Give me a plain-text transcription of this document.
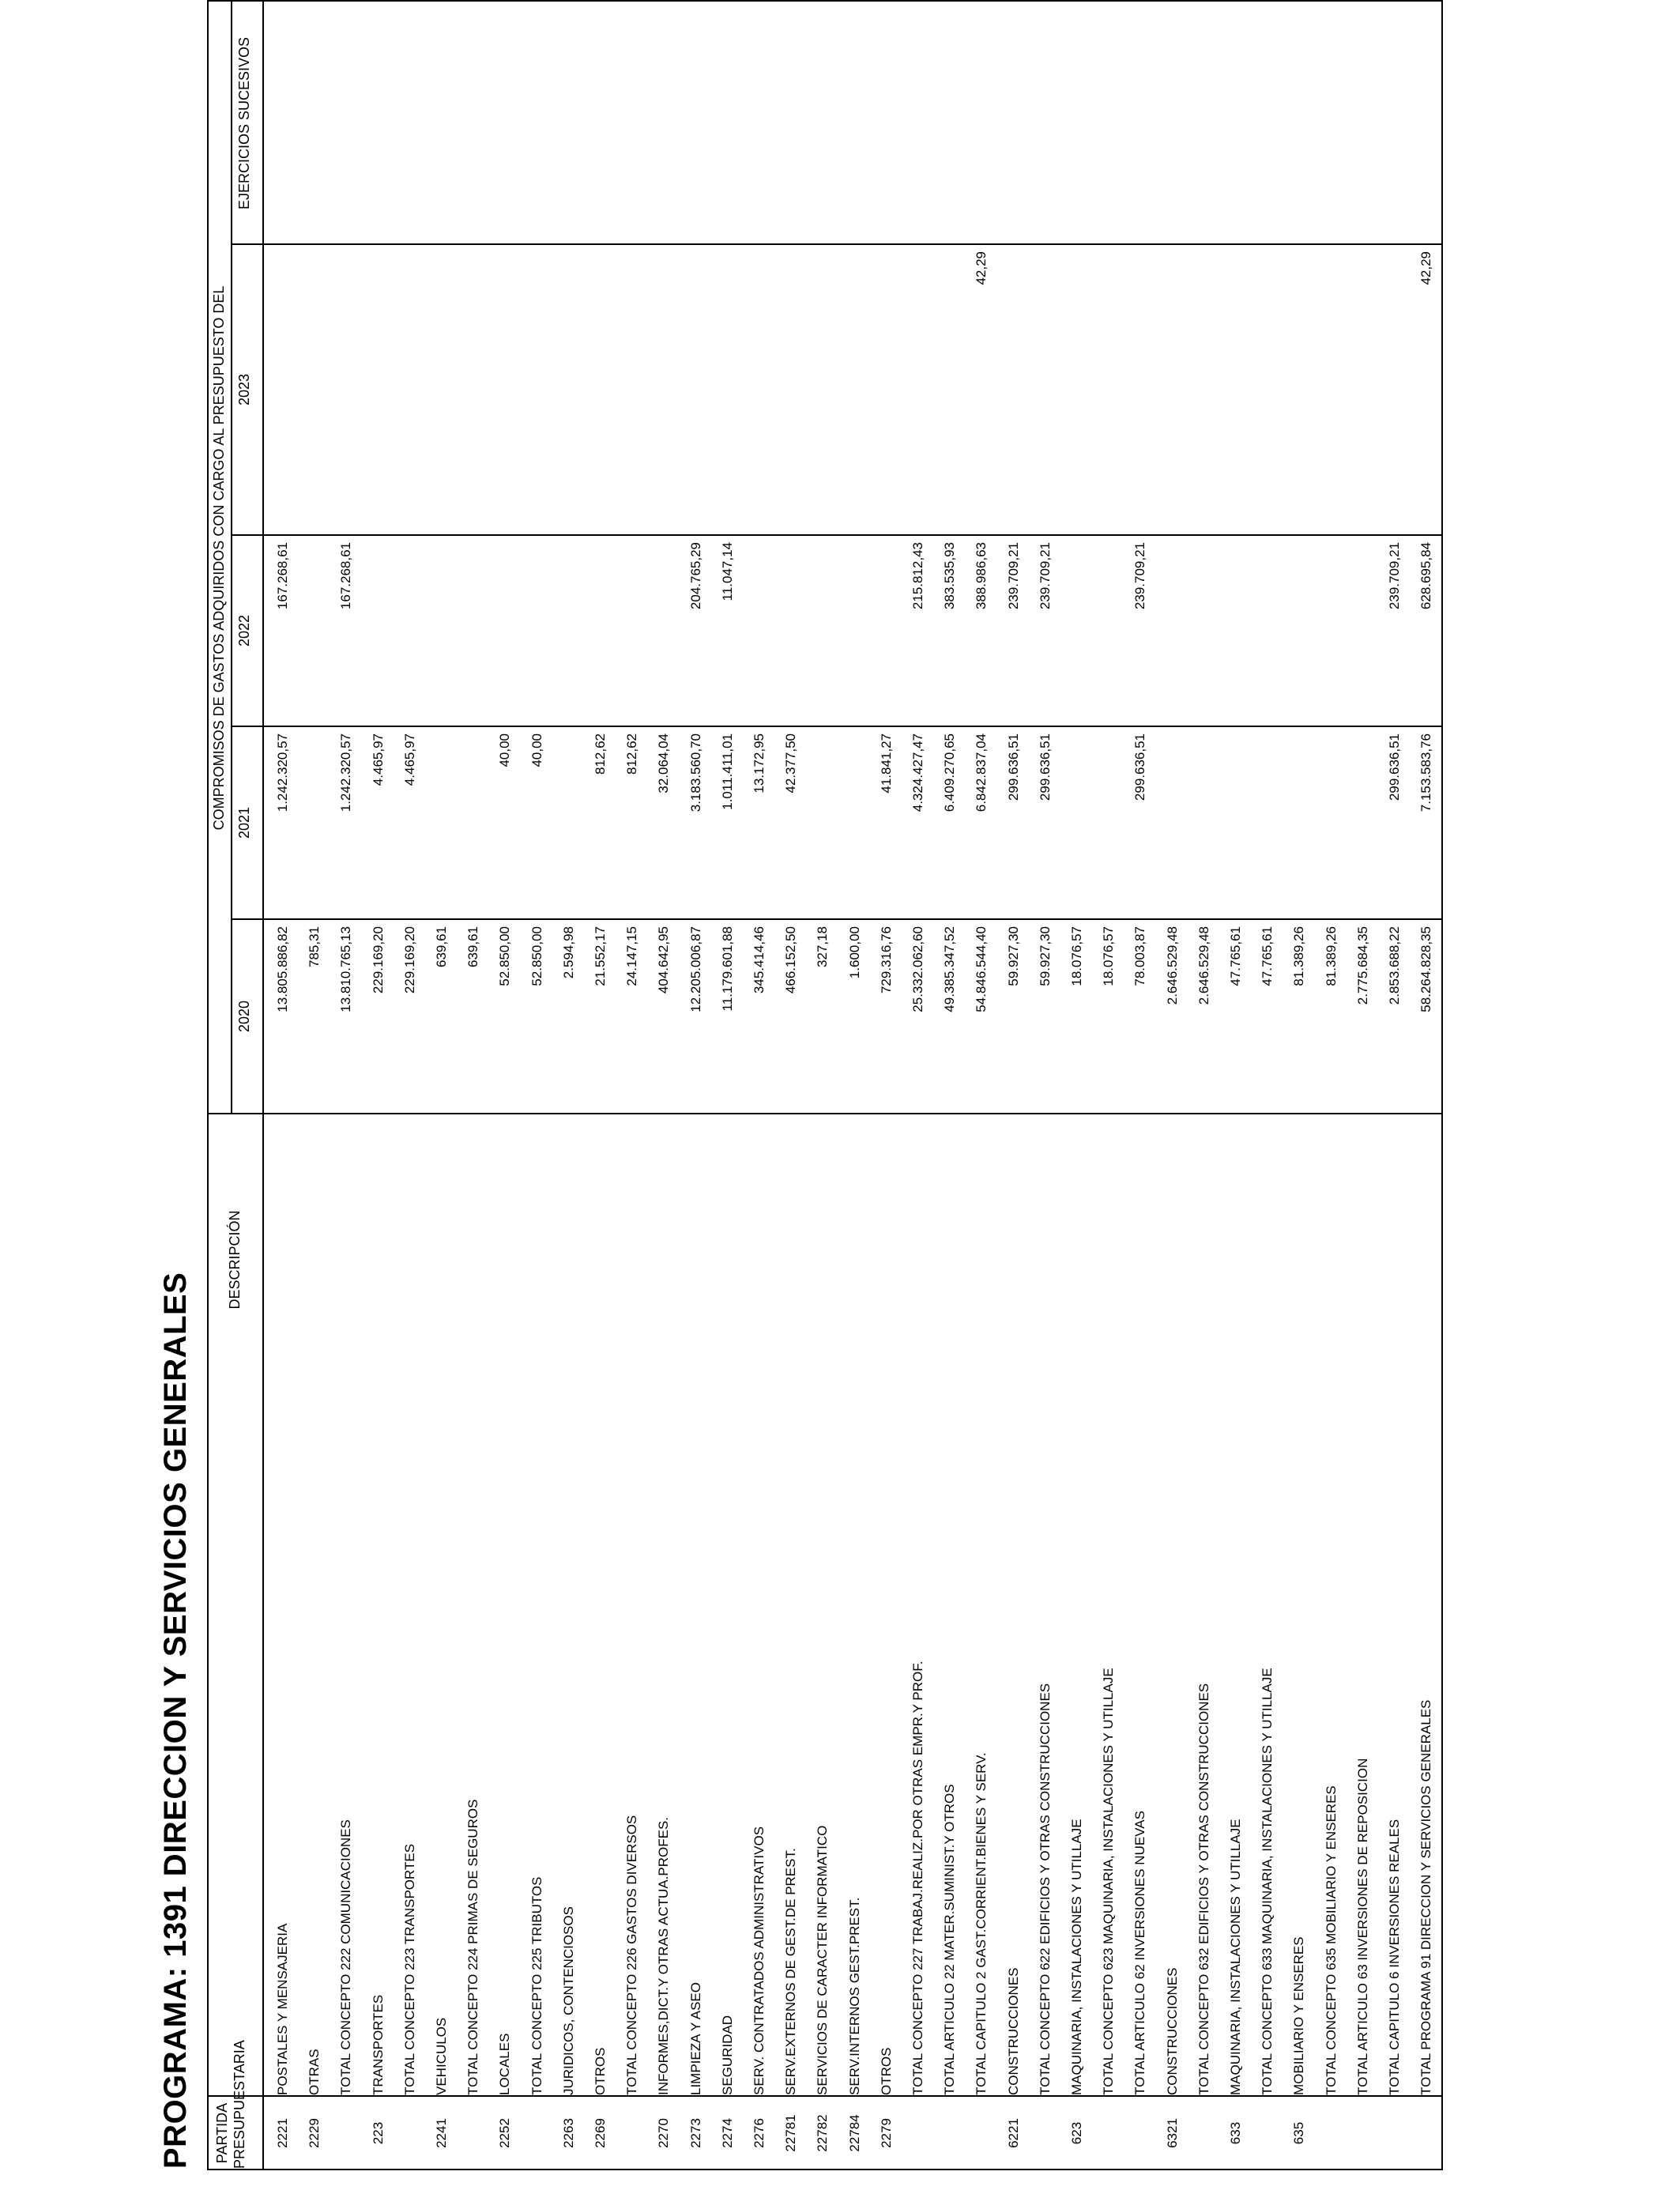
PROGRAMA: 1391 DIRECCION Y SERVICIOS GENERALES PARTIDA
PRESUPUESTARIA
DESCRIPCIÓN
COMPROMISOS DE GASTOS ADQUIRIDOS CON CARGO AL PRESUPUESTO DEL
2020
2021
2022
2023
EJERCICIOS SUCESIVOS
2221
POSTALES Y MENSAJERIA
13.805.886,82
1.242.320,57
167.268,61
2229
OTRAS
785,31
TOTAL CONCEPTO 222 COMUNICACIONES
13.810.765,13
1.242.320,57
167.268,61
223
TRANSPORTES
229.169,20
4.465,97
TOTAL CONCEPTO 223 TRANSPORTES
229.169,20
4.465,97
2241
VEHICULOS
639,61
TOTAL CONCEPTO 224 PRIMAS DE SEGUROS
639,61
2252
LOCALES
52.850,00
40,00
TOTAL CONCEPTO 225 TRIBUTOS
52.850,00
40,00
2263
JURIDICOS, CONTENCIOSOS
2.594,98
2269
OTROS
21.552,17
812,62
TOTAL CONCEPTO 226 GASTOS DIVERSOS
24.147,15
812,62
2270
INFORMES,DICT.Y OTRAS ACTUA.PROFES.
404.642,95
32.064,04
2273
LIMPIEZA Y ASEO
12.205.006,87
3.183.560,70
204.765,29
2274
SEGURIDAD
11.179.601,88
1.011.411,01
11.047,14
2276
SERV. CONTRATADOS ADMINISTRATIVOS
345.414,46
13.172,95
22781
SERV.EXTERNOS DE GEST.DE PREST.
466.152,50
42.377,50
22782
SERVICIOS DE CARACTER INFORMATICO
327,18
22784
SERV.INTERNOS GEST.PREST.
1.600,00
2279
OTROS
729.316,76
41.841,27
TOTAL CONCEPTO 227 TRABAJ.REALIZ.POR OTRAS EMPR.Y PROF.
25.332.062,60
4.324.427,47
215.812,43
TOTAL ARTICULO 22 MATER.SUMINIST.Y OTROS
49.385.347,52
6.409.270,65
383.535,93
TOTAL CAPITULO 2 GAST.CORRIENT.BIENES Y SERV.
54.846.544,40
6.842.837,04
388.986,63
42,29
6221
CONSTRUCCIONES
59.927,30
299.636,51
239.709,21
TOTAL CONCEPTO 622 EDIFICIOS Y OTRAS CONSTRUCCIONES
59.927,30
299.636,51
239.709,21
623
MAQUINARIA, INSTALACIONES Y UTILLAJE
18.076,57
TOTAL CONCEPTO 623 MAQUINARIA, INSTALACIONES Y UTILLAJE
18.076,57
TOTAL ARTICULO 62 INVERSIONES NUEVAS
78.003,87
299.636,51
239.709,21
6321
CONSTRUCCIONES
2.646.529,48
TOTAL CONCEPTO 632 EDIFICIOS Y OTRAS CONSTRUCCIONES
2.646.529,48
633
MAQUINARIA, INSTALACIONES Y UTILLAJE
47.765,61
TOTAL CONCEPTO 633 MAQUINARIA, INSTALACIONES Y UTILLAJE
47.765,61
635
MOBILIARIO Y ENSERES
81.389,26
TOTAL CONCEPTO 635 MOBILIARIO Y ENSERES
81.389,26
TOTAL ARTICULO 63 INVERSIONES DE REPOSICION
2.775.684,35
TOTAL CAPITULO 6 INVERSIONES REALES
2.853.688,22
299.636,51
239.709,21
TOTAL PROGRAMA 91 DIRECCION Y SERVICIOS GENERALES
58.264.828,35
7.153.583,76
628.695,84
42,29
